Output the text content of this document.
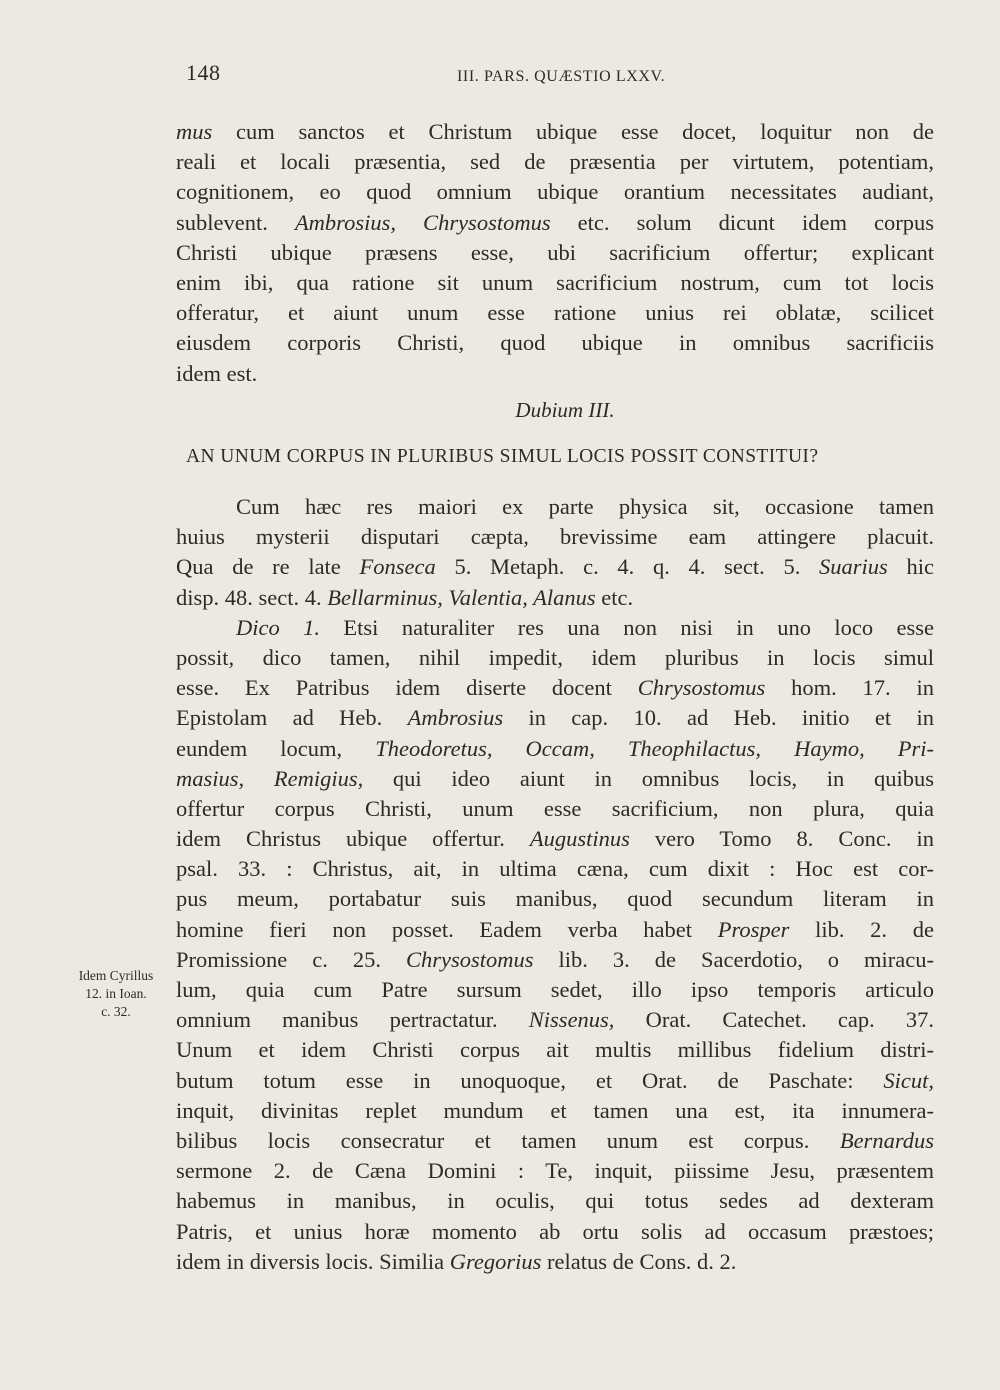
148	III. PARS. QUÆSTIO LXXV.
mus cum sanctos et Christum ubique esse docet, loquitur non de
reali et locali præsentia, sed de præsentia per virtutem, potentiam,
cognitionem, eo quod omnium ubique orantium necessitates audiant,
sublevent. Ambrosius, Chrysostomus etc. solum dicunt idem corpus
Christi ubique præsens esse, ubi sacrificium offertur; explicant
enim ibi, qua ratione sit unum sacrificium nostrum, cum tot locis
offeratur, et aiunt unum esse ratione unius rei oblatæ, scilicet
eiusdem corporis Christi, quod ubique in omnibus sacrificiis
idem est.
Dubium III.
AN UNUM CORPUS IN PLURIBUS SIMUL LOCIS POSSIT CONSTITUI?
Cum hæc res maiori ex parte physica sit, occasione tamen
huius mysterii disputari cæpta, brevissime eam attingere placuit.
Qua de re late Fonseca 5. Metaph. c. 4. q. 4. sect. 5. Suarius hic
disp. 48. sect. 4. Bellarminus, Valentia, Alanus etc.
Dico 1. Etsi naturaliter res una non nisi in uno loco esse
possit, dico tamen, nihil impedit, idem pluribus in locis simul
esse. Ex Patribus idem diserte docent Chrysostomus hom. 17. in
Epistolam ad Heb. Ambrosius in cap. 10. ad Heb. initio et in
eundem locum, Theodoretus, Occam, Theophilactus, Haymo, Pri-
masius, Remigius, qui ideo aiunt in omnibus locis, in quibus
offertur corpus Christi, unum esse sacrificium, non plura, quia
idem Christus ubique offertur. Augustinus vero Tomo 8. Conc. in
psal. 33. : Christus, ait, in ultima cæna, cum dixit : Hoc est cor-
pus meum, portabatur suis manibus, quod secundum literam in
homine fieri non posset. Eadem verba habet Prosper lib. 2. de
Promissione c. 25. Chrysostomus lib. 3. de Sacerdotio, o miracu-
lum, quia cum Patre sursum sedet, illo ipso temporis articulo
omnium manibus pertractatur. Nissenus, Orat. Catechet. cap. 37.
Unum et idem Christi corpus ait multis millibus fidelium distri-
butum totum esse in unoquoque, et Orat. de Paschate: Sicut,
inquit, divinitas replet mundum et tamen una est, ita innumera-
bilibus locis consecratur et tamen unum est corpus. Bernardus
sermone 2. de Cæna Domini : Te, inquit, piissime Jesu, præsentem
habemus in manibus, in oculis, qui totus sedes ad dexteram
Patris, et unius horæ momento ab ortu solis ad occasum præstoes;
idem in diversis locis. Similia Gregorius relatus de Cons. d. 2.
Idem Cyrillus
12. in Ioan.
c. 32.
